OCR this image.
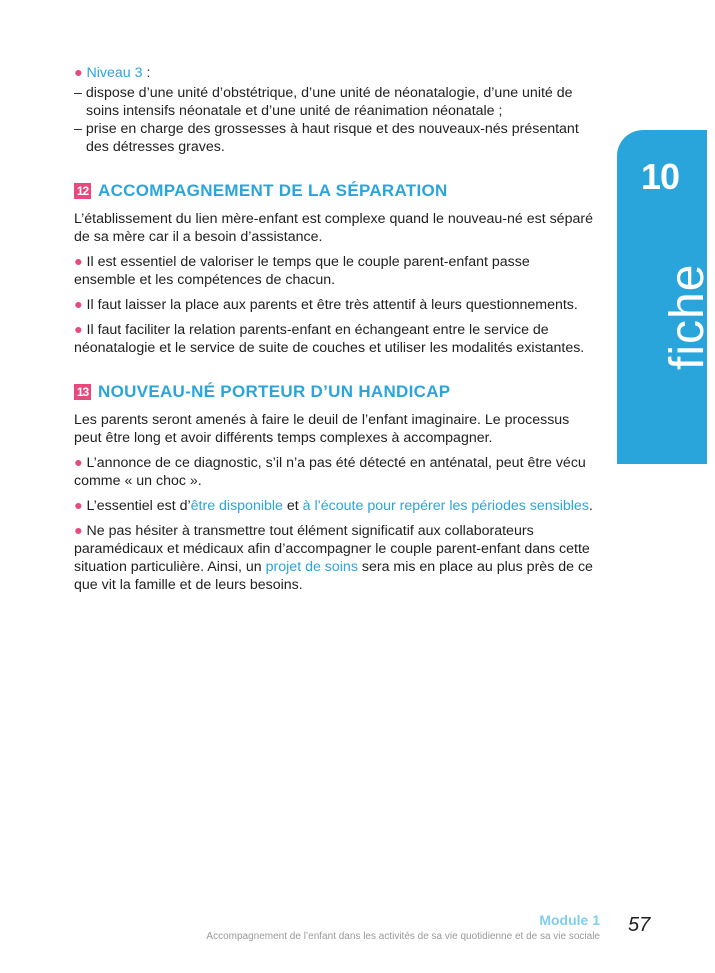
● Niveau 3 :

– dispose d’une unité d’obstétrique, d’une unité de néonatalogie, d’une unité de soins intensifs néonatale et d’une unité de réanimation néonatale ;

– prise en charge des grossesses à haut risque et des nouveaux-nés présentant des détresses graves.

12 ACCOMPAGNEMENT DE LA SÉPARATION

L’établissement du lien mère-enfant est complexe quand le nouveau-né est séparé de sa mère car il a besoin d’assistance.

● Il est essentiel de valoriser le temps que le couple parent-enfant passe ensemble et les compétences de chacun.

● Il faut laisser la place aux parents et être très attentif à leurs questionnements.

● Il faut faciliter la relation parents-enfant en échangeant entre le service de néonatalogie et le service de suite de couches et utiliser les modalités existantes.

13 NOUVEAU-NÉ PORTEUR D’UN HANDICAP

Les parents seront amenés à faire le deuil de l’enfant imaginaire. Le processus peut être long et avoir différents temps complexes à accompagner.

● L’annonce de ce diagnostic, s’il n’a pas été détecté en anténatal, peut être vécu comme « un choc ».

● L’essentiel est d’être disponible et à l’écoute pour repérer les périodes sensibles.

● Ne pas hésiter à transmettre tout élément significatif aux collaborateurs paramédicaux et médicaux afin d’accompagner le couple parent-enfant dans cette situation particulière. Ainsi, un projet de soins sera mis en place au plus près de ce que vit la famille et de leurs besoins.

10
fiche
Module 1
Accompagnement de l’enfant dans les activités de sa vie quotidienne et de sa vie sociale
57
